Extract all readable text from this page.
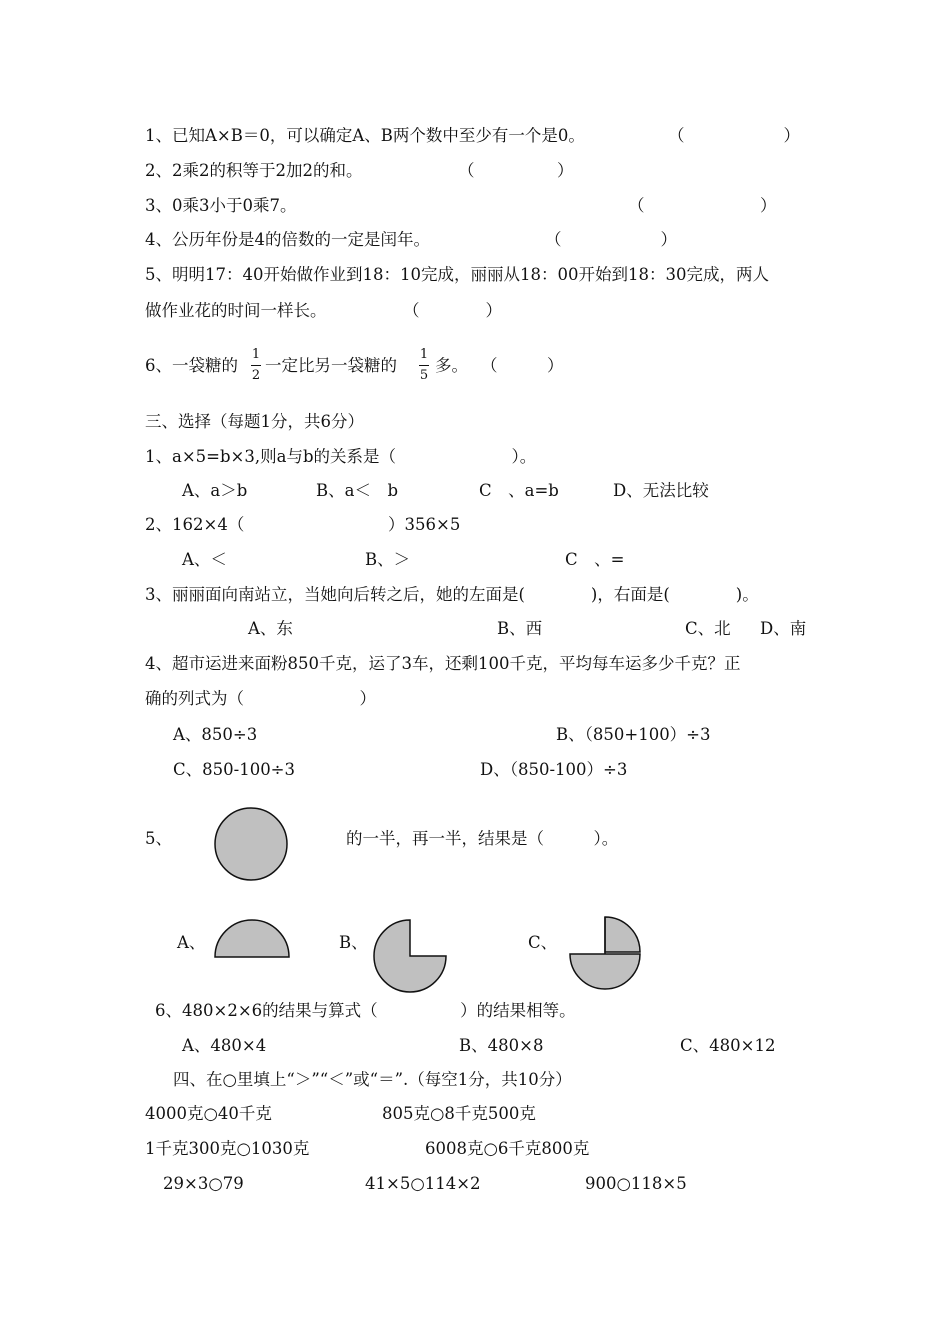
1、已知A×B＝0，可以确定A、B两个数中至少有一个是0。	（　　　　　　）
2、2乘2的积等于2加2的和。	（　　　　　）
3、0乘3小于0乘7。	（　　　　　　　）
4、公历年份是4的倍数的一定是闰年。	（　　　　　　）
5、明明17：40开始做作业到18：10完成，丽丽从18：00开始到18：30完成，两人
做作业花的时间一样长。	（　　　　）
6、一袋糖的
1
2
一定比另一袋糖的
1
5
多。 （　　　）
三、选择（每题1分，共6分）
1、a×5=b×3,则a与b的关系是（　　　　　　　）。
A、a＞b	B、a＜　b	C　、a=b	D、无法比较
2、162×4（	）356×5
A、＜	B、＞	C　、=
3、丽丽面向南站立，当她向后转之后，她的左面是(　　　　)，右面是(　　　　)。
A、东	B、西	C、北 D、南
4、超市运进来面粉850千克，运了3车，还剩100千克，平均每车运多少千克？正
确的列式为（　　　　　　　）
A、850÷3	B、（850+100）÷3
C、850-100÷3	D、（850-100）÷3
5、	的一半，再一半，结果是（　　　）。
A、	B、	C、
6、480×2×6的结果与算式（　　　　　）的结果相等。
A、480×4	B、480×8	C、480×12
四、在○里填上“＞”“＜”或“＝”.（每空1分，共10分）
4000克○40千克	805克○8千克500克
1千克300克○1030克	6008克○6千克800克
29×3○79	41×5○114×2	900○118×5
